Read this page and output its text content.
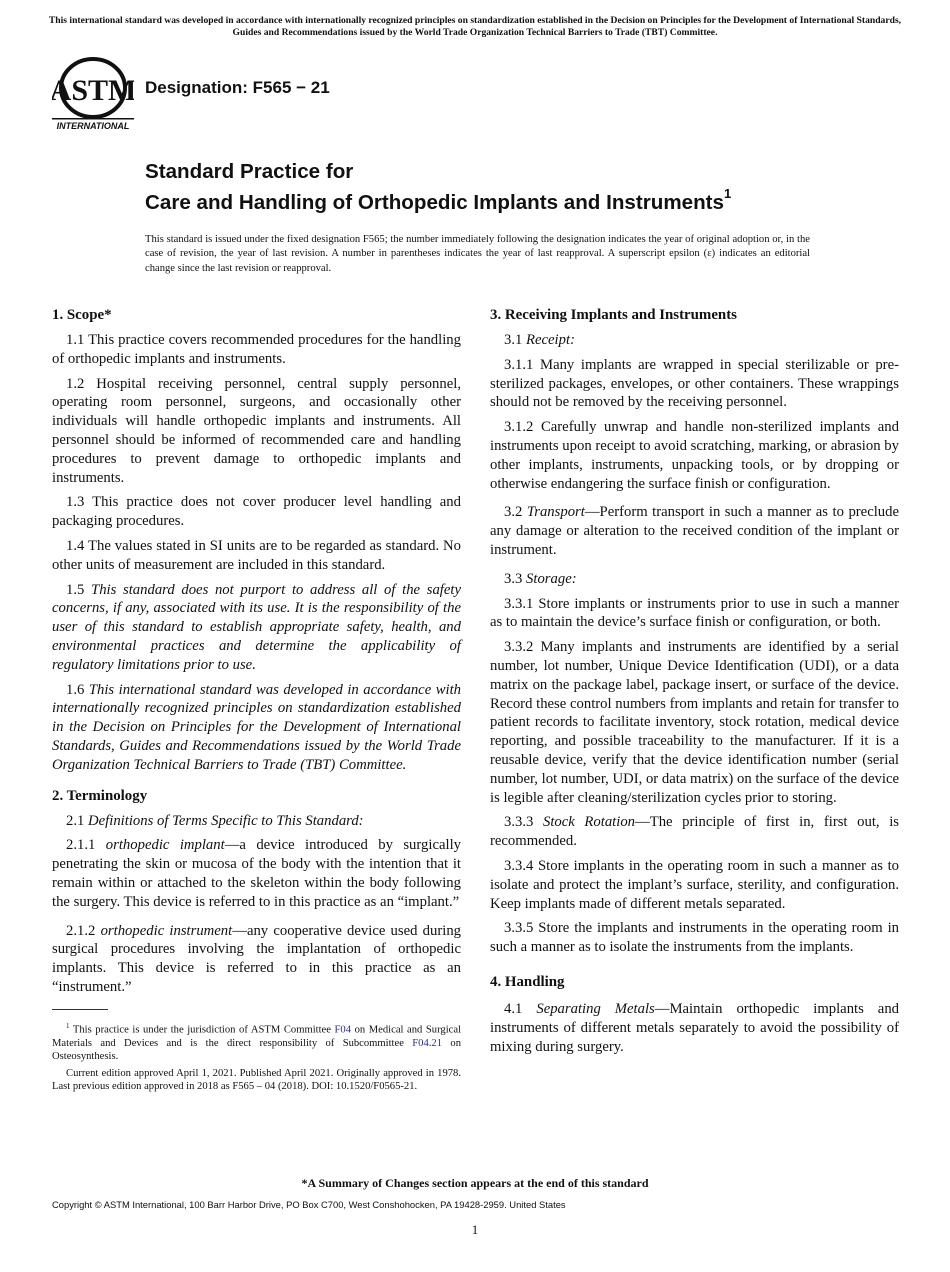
This international standard was developed in accordance with internationally recognized principles on standardization established in the Decision on Principles for the Development of International Standards, Guides and Recommendations issued by the World Trade Organization Technical Barriers to Trade (TBT) Committee.
ASTM
INTERNATIONAL
Designation: F565 − 21
Standard Practice for
Care and Handling of Orthopedic Implants and Instruments$^1$
This standard is issued under the fixed designation F565; the number immediately following the designation indicates the year of original adoption or, in the case of revision, the year of last revision. A number in parentheses indicates the year of last reapproval. A superscript epsilon (ε) indicates an editorial change since the last revision or reapproval.
1. Scope*

1.1 This practice covers recommended procedures for the handling of orthopedic implants and instruments.

1.2 Hospital receiving personnel, central supply personnel, operating room personnel, surgeons, and occasionally other individuals will handle orthopedic implants and instruments. All personnel should be informed of recommended care and handling procedures to prevent damage to orthopedic implants and instruments.

1.3 This practice does not cover producer level handling and packaging procedures.

1.4 The values stated in SI units are to be regarded as standard. No other units of measurement are included in this standard.

1.5 This standard does not purport to address all of the safety concerns, if any, associated with its use. It is the responsibility of the user of this standard to establish appropriate safety, health, and environmental practices and determine the applicability of regulatory limitations prior to use.

1.6 This international standard was developed in accordance with internationally recognized principles on standardization established in the Decision on Principles for the Development of International Standards, Guides and Recommendations issued by the World Trade Organization Technical Barriers to Trade (TBT) Committee.

2. Terminology

2.1 Definitions of Terms Specific to This Standard:

2.1.1 orthopedic implant—a device introduced by surgically penetrating the skin or mucosa of the body with the intention that it remain within or attached to the skeleton within the body following the surgery. This device is referred to in this practice as an “implant.”

2.1.2 orthopedic instrument—any cooperative device used during surgical procedures involving the implantation of orthopedic implants. This device is referred to in this practice as an “instrument.”

$^1$ This practice is under the jurisdiction of ASTM Committee F04 on Medical and Surgical Materials and Devices and is the direct responsibility of Subcommittee F04.21 on Osteosynthesis.

Current edition approved April 1, 2021. Published April 2021. Originally approved in 1978. Last previous edition approved in 2018 as F565 – 04 (2018). DOI: 10.1520/F0565-21.

3. Receiving Implants and Instruments

3.1 Receipt:

3.1.1 Many implants are wrapped in special sterilizable or pre-sterilized packages, envelopes, or other containers. These wrappings should not be removed by the receiving personnel.

3.1.2 Carefully unwrap and handle non-sterilized implants and instruments upon receipt to avoid scratching, marking, or abrasion by other implants, instruments, unpacking tools, or by dropping or otherwise endangering the surface finish or configuration.

3.2 Transport—Perform transport in such a manner as to preclude any damage or alteration to the received condition of the implant or instrument.

3.3 Storage:

3.3.1 Store implants or instruments prior to use in such a manner as to maintain the device’s surface finish or configuration, or both.

3.3.2 Many implants and instruments are identified by a serial number, lot number, Unique Device Identification (UDI), or a data matrix on the package label, package insert, or surface of the device. Record these control numbers from implants and retain for transfer to patient records to facilitate inventory, stock rotation, medical device reporting, and possible traceability to the manufacturer. If it is a reusable device, verify that the device identification number (serial number, lot number, UDI, or data matrix) on the surface of the device is legible after cleaning/sterilization cycles prior to storing.

3.3.3 Stock Rotation—The principle of first in, first out, is recommended.

3.3.4 Store implants in the operating room in such a manner as to isolate and protect the implant’s surface, sterility, and configuration. Keep implants made of different metals separated.

3.3.5 Store the implants and instruments in the operating room in such a manner as to isolate the instruments from the implants.

4. Handling

4.1 Separating Metals—Maintain orthopedic implants and instruments of different metals separately to avoid the possibility of mixing during surgery.

*A Summary of Changes section appears at the end of this standard
Copyright © ASTM International, 100 Barr Harbor Drive, PO Box C700, West Conshohocken, PA 19428-2959. United States
1
